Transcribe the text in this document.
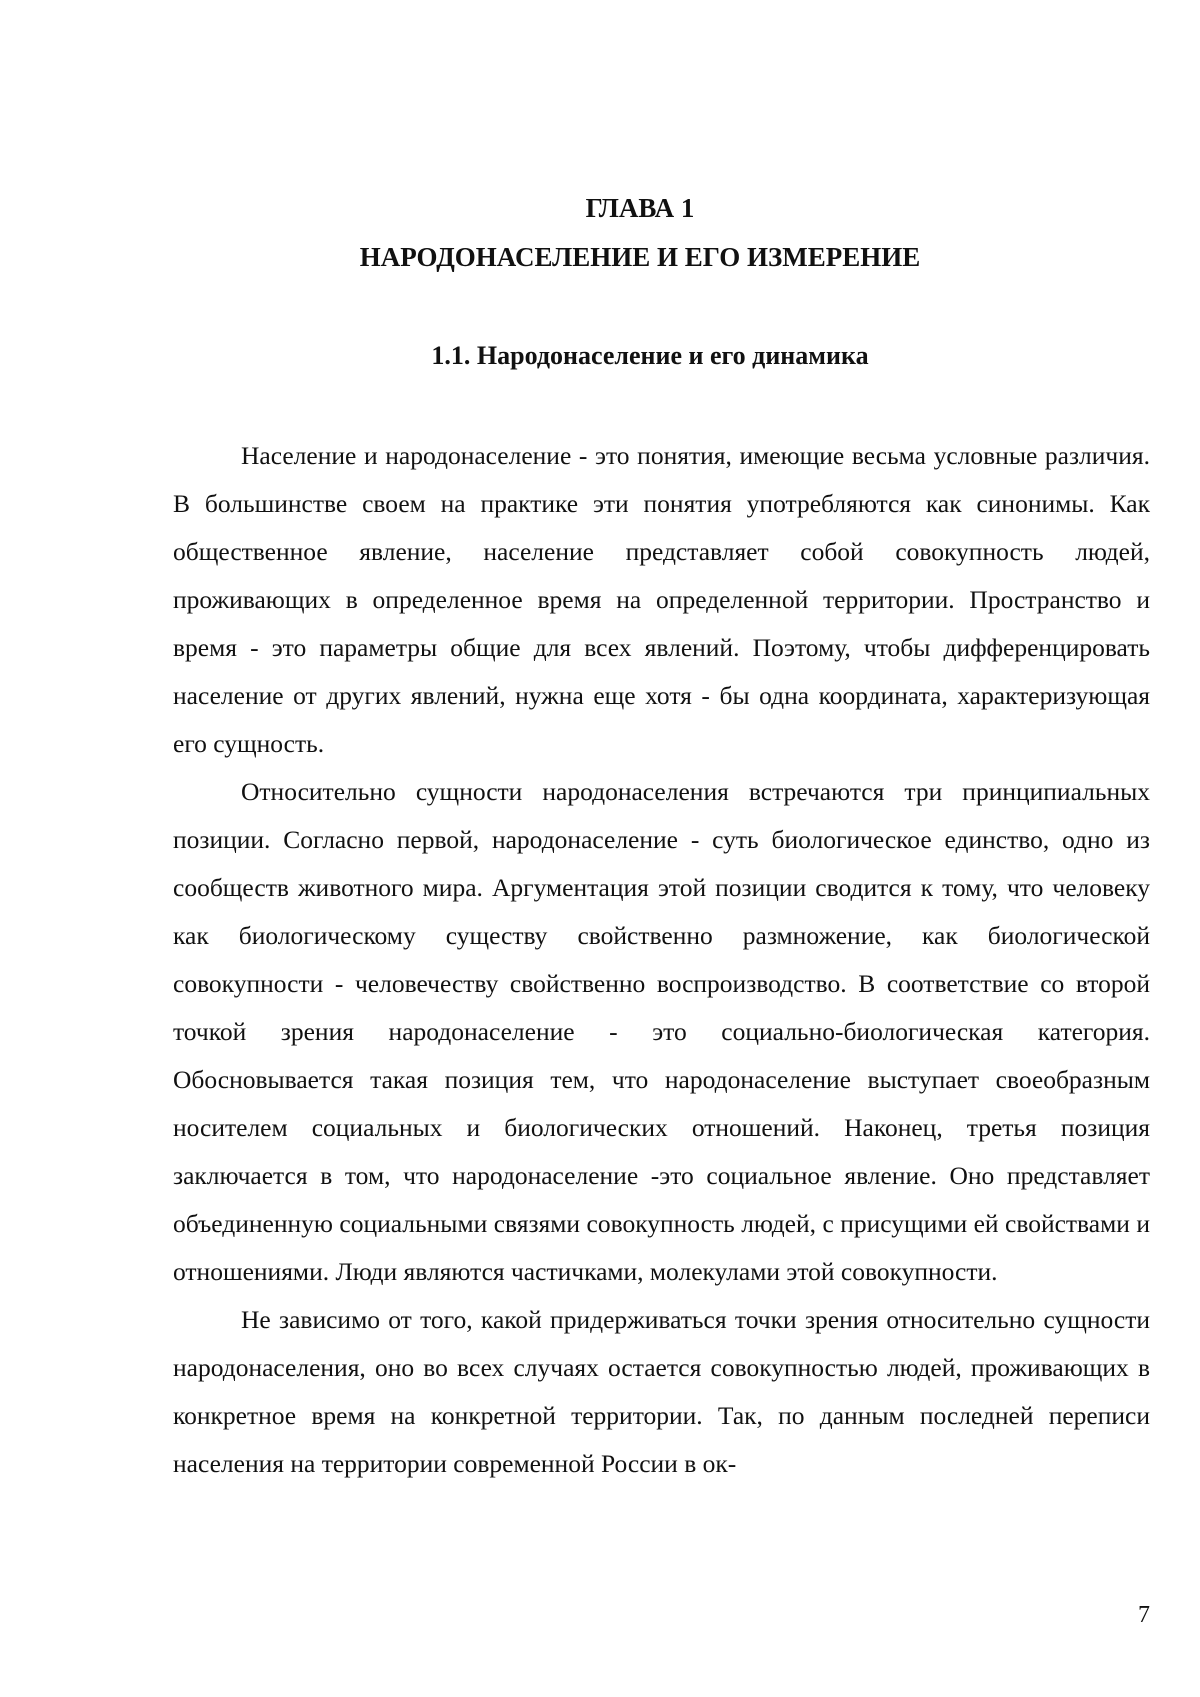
ГЛАВА 1
НАРОДОНАСЕЛЕНИЕ И ЕГО ИЗМЕРЕНИЕ
1.1. Народонаселение и его динамика

Население и народонаселение - это понятия, имеющие весьма условные различия. В большинстве своем на практике эти понятия употребляются как синонимы. Как общественное явление, население представляет собой совокупность людей, проживающих в определенное время на определенной территории. Пространство и время - это параметры общие для всех явлений. Поэтому, чтобы дифференцировать население от других явлений, нужна еще хотя - бы одна координата, характеризующая его сущность.

Относительно сущности народонаселения встречаются три принципиальных позиции. Согласно первой, народонаселение - суть биологическое единство, одно из сообществ животного мира. Аргументация этой позиции сводится к тому, что человеку как биологическому существу свойственно размножение, как биологической совокупности - человечеству свойственно воспроизводство. В соответствие со второй точкой зрения народонаселение - это социально-биологическая категория. Обосновывается такая позиция тем, что народонаселение выступает своеобразным носителем социальных и биологических отношений. Наконец, третья позиция заключается в том, что народонаселение -это социальное явление. Оно представляет объединенную социальными связями совокупность людей, с присущими ей свойствами и отношениями. Люди являются частичками, молекулами этой совокупности.

Не зависимо от того, какой придерживаться точки зрения относительно сущности народонаселения, оно во всех случаях остается совокупностью людей, проживающих в конкретное время на конкретной территории. Так, по данным последней переписи населения на территории современной России в ок-

7
